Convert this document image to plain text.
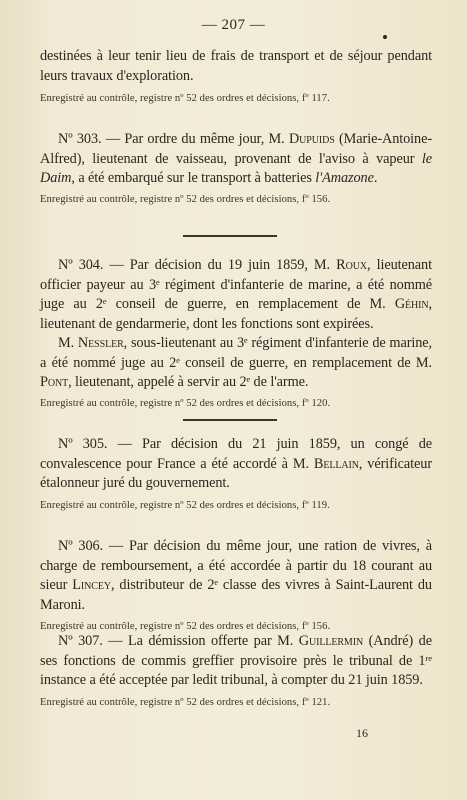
— 207 —

destinées à leur tenir lieu de frais de transport et de séjour pendant leurs travaux d'exploration.

Enregistré au contrôle, registre nº 52 des ordres et décisions, fº 117.

Nº 303. — Par ordre du même jour, M. Dupuids (Marie-Antoine-Alfred), lieutenant de vaisseau, provenant de l'aviso à vapeur le Daim, a été embarqué sur le transport à batteries l'Amazone.

Enregistré au contrôle, registre nº 52 des ordres et décisions, fº 156.

Nº 304. — Par décision du 19 juin 1859, M. Roux, lieutenant officier payeur au 3ᵉ régiment d'infanterie de marine, a été nommé juge au 2ᵉ conseil de guerre, en remplacement de M. Géhin, lieutenant de gendarmerie, dont les fonctions sont expirées.

M. Nessler, sous-lieutenant au 3ᵉ régiment d'infanterie de marine, a été nommé juge au 2ᵉ conseil de guerre, en remplacement de M. Pont, lieutenant, appelé à servir au 2ᵉ de l'arme.

Enregistré au contrôle, registre nº 52 des ordres et décisions, fº 120.

Nº 305. — Par décision du 21 juin 1859, un congé de convalescence pour France a été accordé à M. Bellain, vérificateur étalonneur juré du gouvernement.

Enregistré au contrôle, registre nº 52 des ordres et décisions, fº 119.

Nº 306. — Par décision du même jour, une ration de vivres, à charge de remboursement, a été accordée à partir du 18 courant au sieur Lincey, distributeur de 2ᵉ classe des vivres à Saint-Laurent du Maroni.

Enregistré au contrôle, registre nº 52 des ordres et décisions, fº 156.

Nº 307. — La démission offerte par M. Guillermin (André) de ses fonctions de commis greffier provisoire près le tribunal de 1ʳᵉ instance a été acceptée par ledit tribunal, à compter du 21 juin 1859.

Enregistré au contrôle, registre nº 52 des ordres et décisions, fº 121.

16
